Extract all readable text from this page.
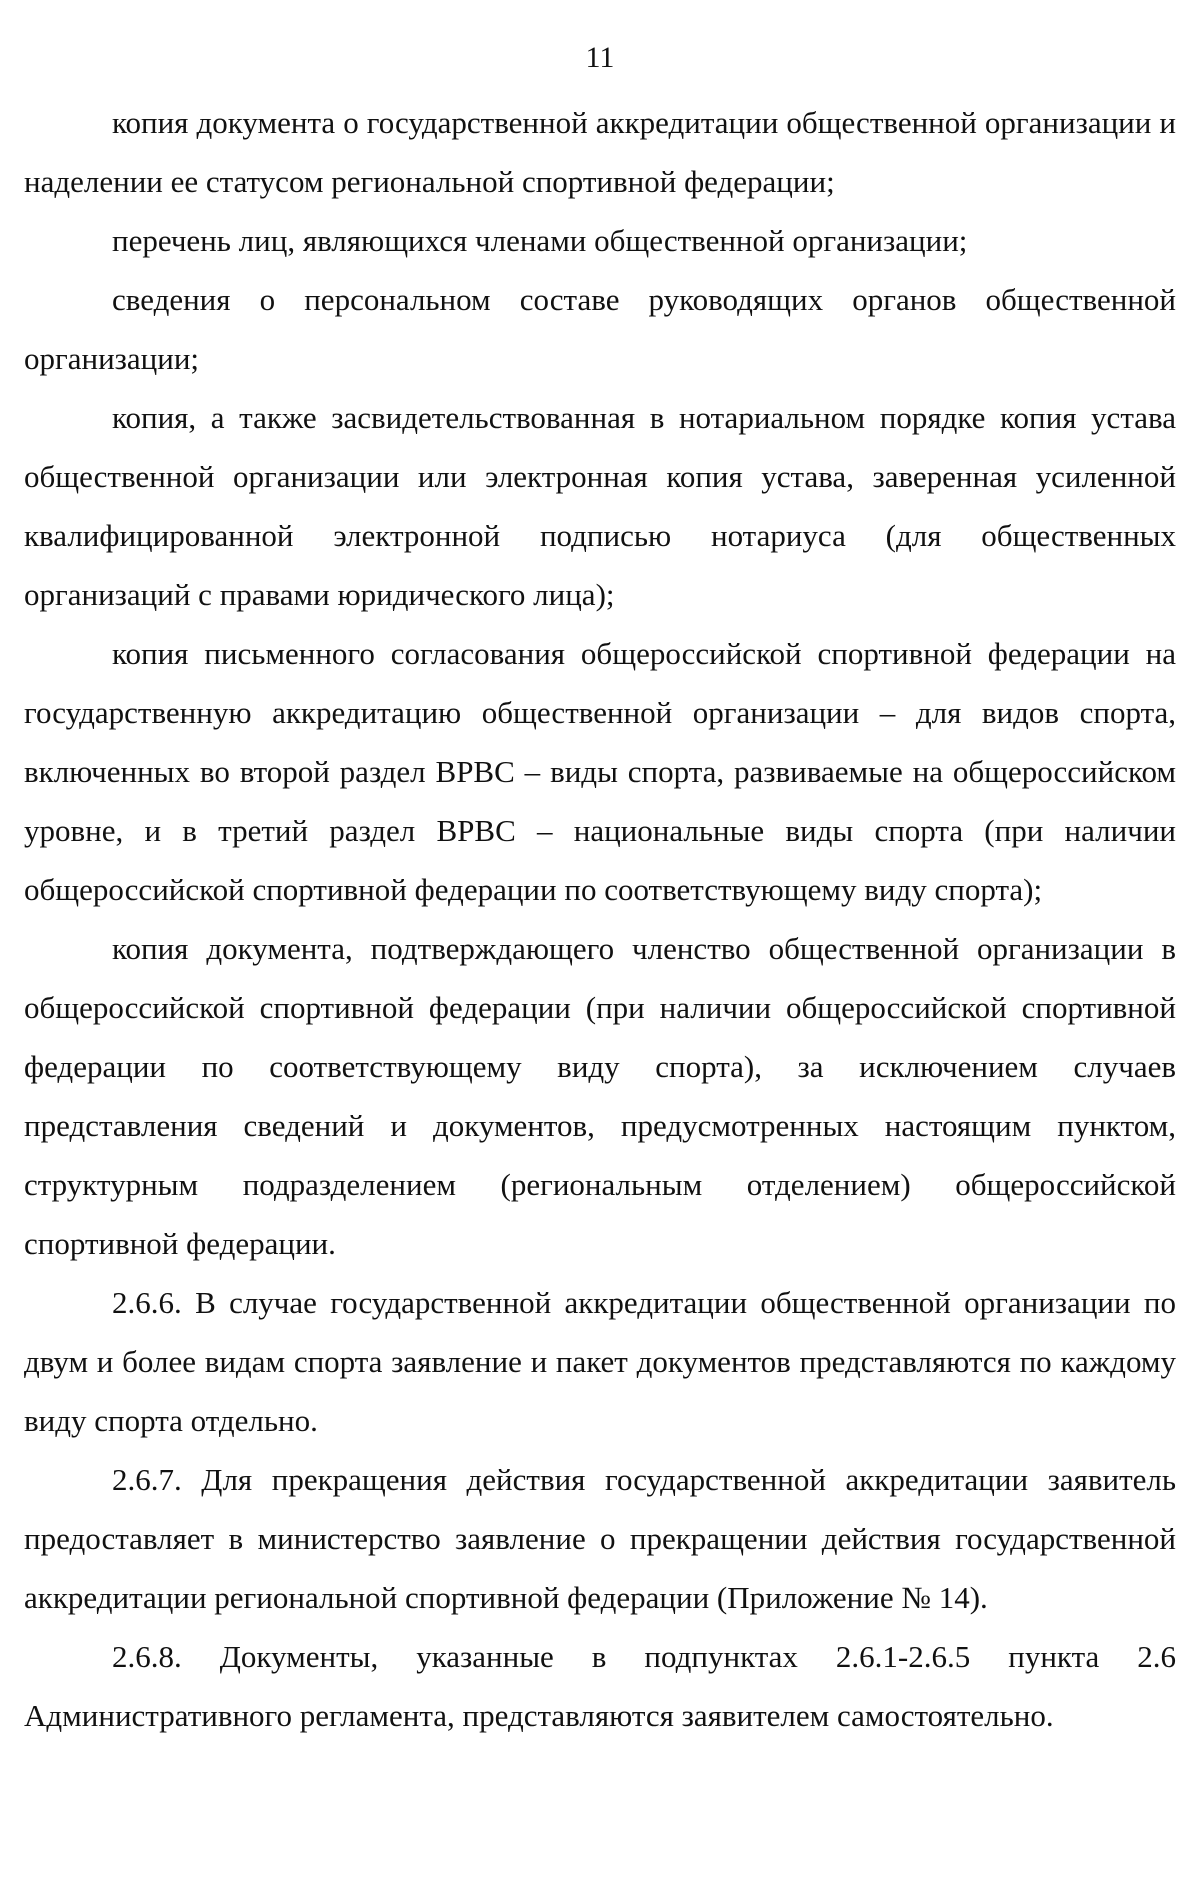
11

копия документа о государственной аккредитации общественной организации и наделении ее статусом региональной спортивной федерации;

перечень лиц, являющихся членами общественной организации;

сведения о персональном составе руководящих органов общественной организации;

копия, а также засвидетельствованная в нотариальном порядке копия устава общественной организации или электронная копия устава, заверенная усиленной квалифицированной электронной подписью нотариуса (для общественных организаций с правами юридического лица);

копия письменного согласования общероссийской спортивной федерации на государственную аккредитацию общественной организации – для видов спорта, включенных во второй раздел ВРВС – виды спорта, развиваемые на общероссийском уровне, и в третий раздел ВРВС – национальные виды спорта (при наличии общероссийской спортивной федерации по соответствующему виду спорта);

копия документа, подтверждающего членство общественной организации в общероссийской спортивной федерации (при наличии общероссийской спортивной федерации по соответствующему виду спорта), за исключением случаев представления сведений и документов, предусмотренных настоящим пунктом, структурным подразделением (региональным отделением) общероссийской спортивной федерации.

2.6.6. В случае государственной аккредитации общественной организации по двум и более видам спорта заявление и пакет документов представляются по каждому виду спорта отдельно.

2.6.7. Для прекращения действия государственной аккредитации заявитель предоставляет в министерство заявление о прекращении действия государственной аккредитации региональной спортивной федерации (Приложение № 14).

2.6.8. Документы, указанные в подпунктах 2.6.1-2.6.5 пункта 2.6 Административного регламента, представляются заявителем самостоятельно.
